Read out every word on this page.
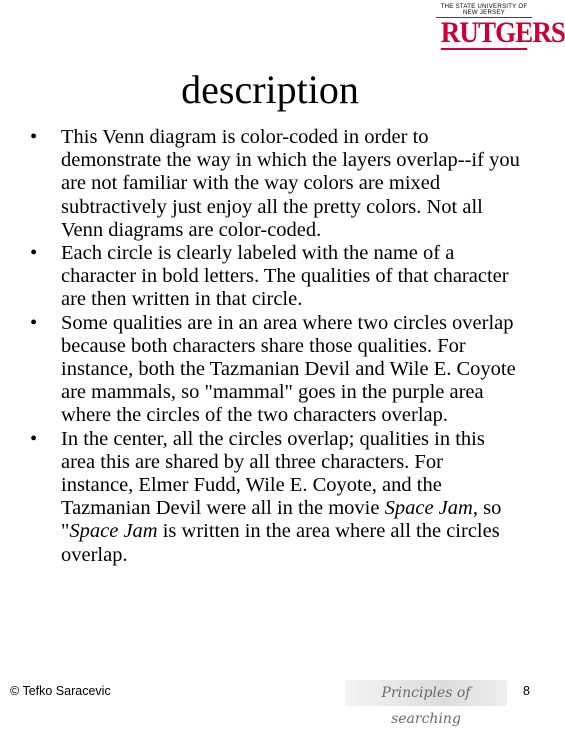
THE STATE UNIVERSITY OF NEW JERSEY
RUTGERS
description
• This Venn diagram is color-coded in order to demonstrate the way in which the layers overlap--if you are not familiar with the way colors are mixed subtractively just enjoy all the pretty colors. Not all Venn diagrams are color-coded.
• Each circle is clearly labeled with the name of a character in bold letters. The qualities of that character are then written in that circle.
• Some qualities are in an area where two circles overlap because both characters share those qualities. For instance, both the Tazmanian Devil and Wile E. Coyote are mammals, so "mammal" goes in the purple area where the circles of the two characters overlap.
• In the center, all the circles overlap; qualities in this area this are shared by all three characters. For instance, Elmer Fudd, Wile E. Coyote, and the Tazmanian Devil were all in the movie Space Jam, so "Space Jam is written in the area where all the circles overlap.
© Tefko Saracevic	Principles of searching
8
